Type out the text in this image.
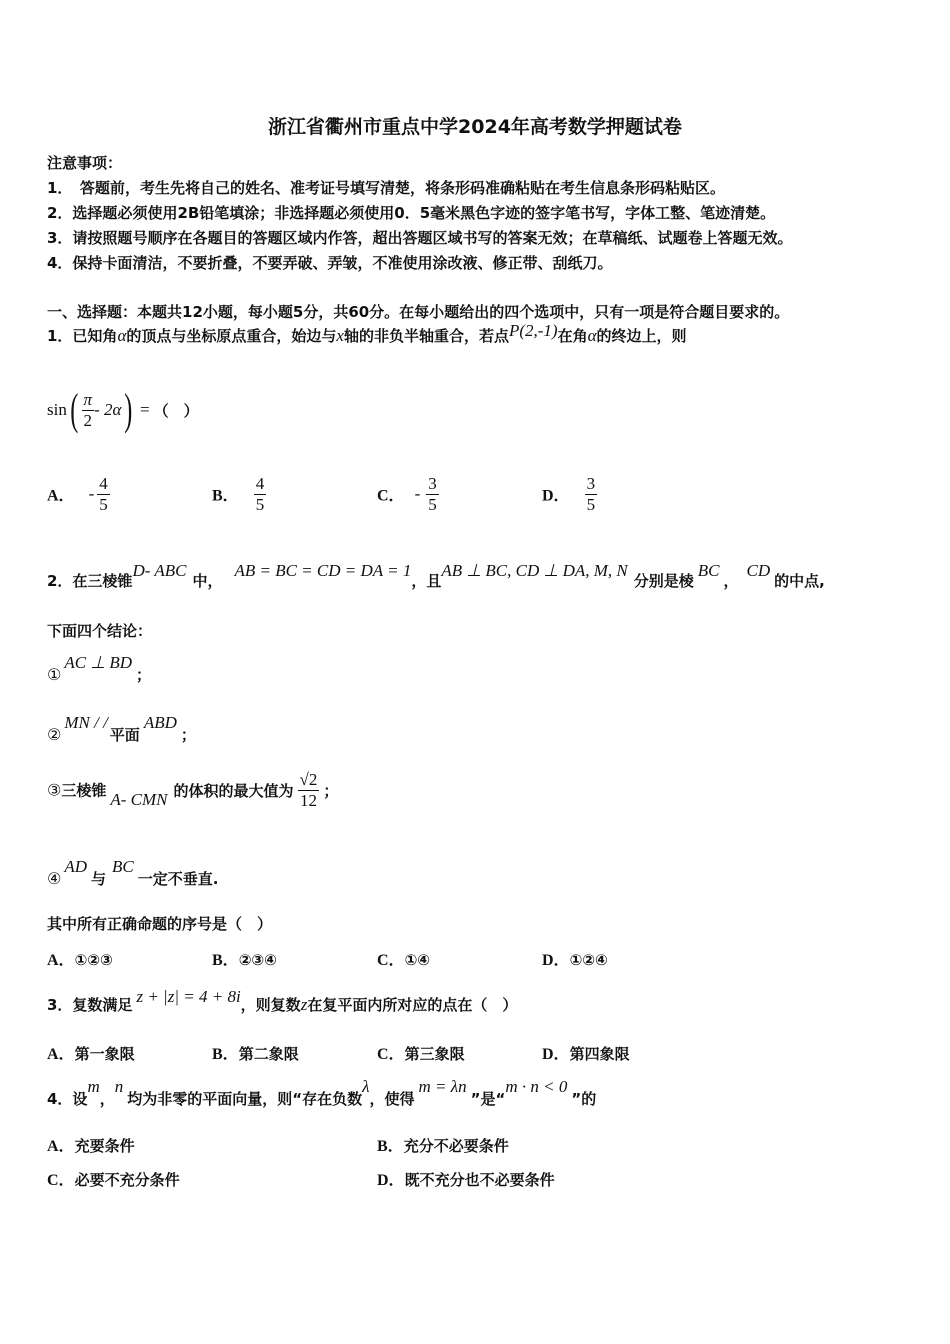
浙江省衢州市重点中学2024年高考数学押题试卷
注意事项：
1．　答题前，考生先将自己的姓名、准考证号填写清楚，将条形码准确粘贴在考生信息条形码粘贴区。
2．选择题必须使用2B铅笔填涂；非选择题必须使用0．5毫米黑色字迹的签字笔书写，字体工整、笔迹清楚。
3．请按照题号顺序在各题目的答题区域内作答，超出答题区域书写的答案无效；在草稿纸、试题卷上答题无效。
4．保持卡面清洁，不要折叠，不要弄破、弄皱，不准使用涂改液、修正带、刮纸刀。
一、选择题：本题共12小题，每小题5分，共60分。在每小题给出的四个选项中，只有一项是符合题目要求的。
1．已知角α的顶点与坐标原点重合，始边与x轴的非负半轴重合，若点P(2,‑1)在角α的终边上，则
$\sin( \frac{\pi}{2}$ ‑ 2α) = （　）
A． ‑ $\frac{4}{5}$	B． $\frac{4}{5}$	C． ‑ $\frac{3}{5}$	D． $\frac{3}{5}$
2．在三棱锥D‑ ABC中，AB = BC = CD = DA = 1，且AB ⊥ BC, CD ⊥ DA, M, N分别是棱BC，CD的中点,
下面四个结论：
①AC ⊥ BD；
②MN / /平面ABD；
③三棱锥 A‑ CMN 的体积的最大值为 $\frac{√2}{12}$ ；
④AD与BC一定不垂直.
其中所有正确命题的序号是（　）
A．①②③	B．②③④	C．①④	D．①②④
3．复数满足 z + |z| = 4 + 8i，则复数z在复平面内所对应的点在（　）
A．第一象限	B．第二象限	C．第三象限	D．第四象限
4．设m，n均为非零的平面向量，则“存在负数λ，使得m = λn”是“m · n < 0”的
A．充要条件	B．充分不必要条件
C．必要不充分条件	D．既不充分也不必要条件
